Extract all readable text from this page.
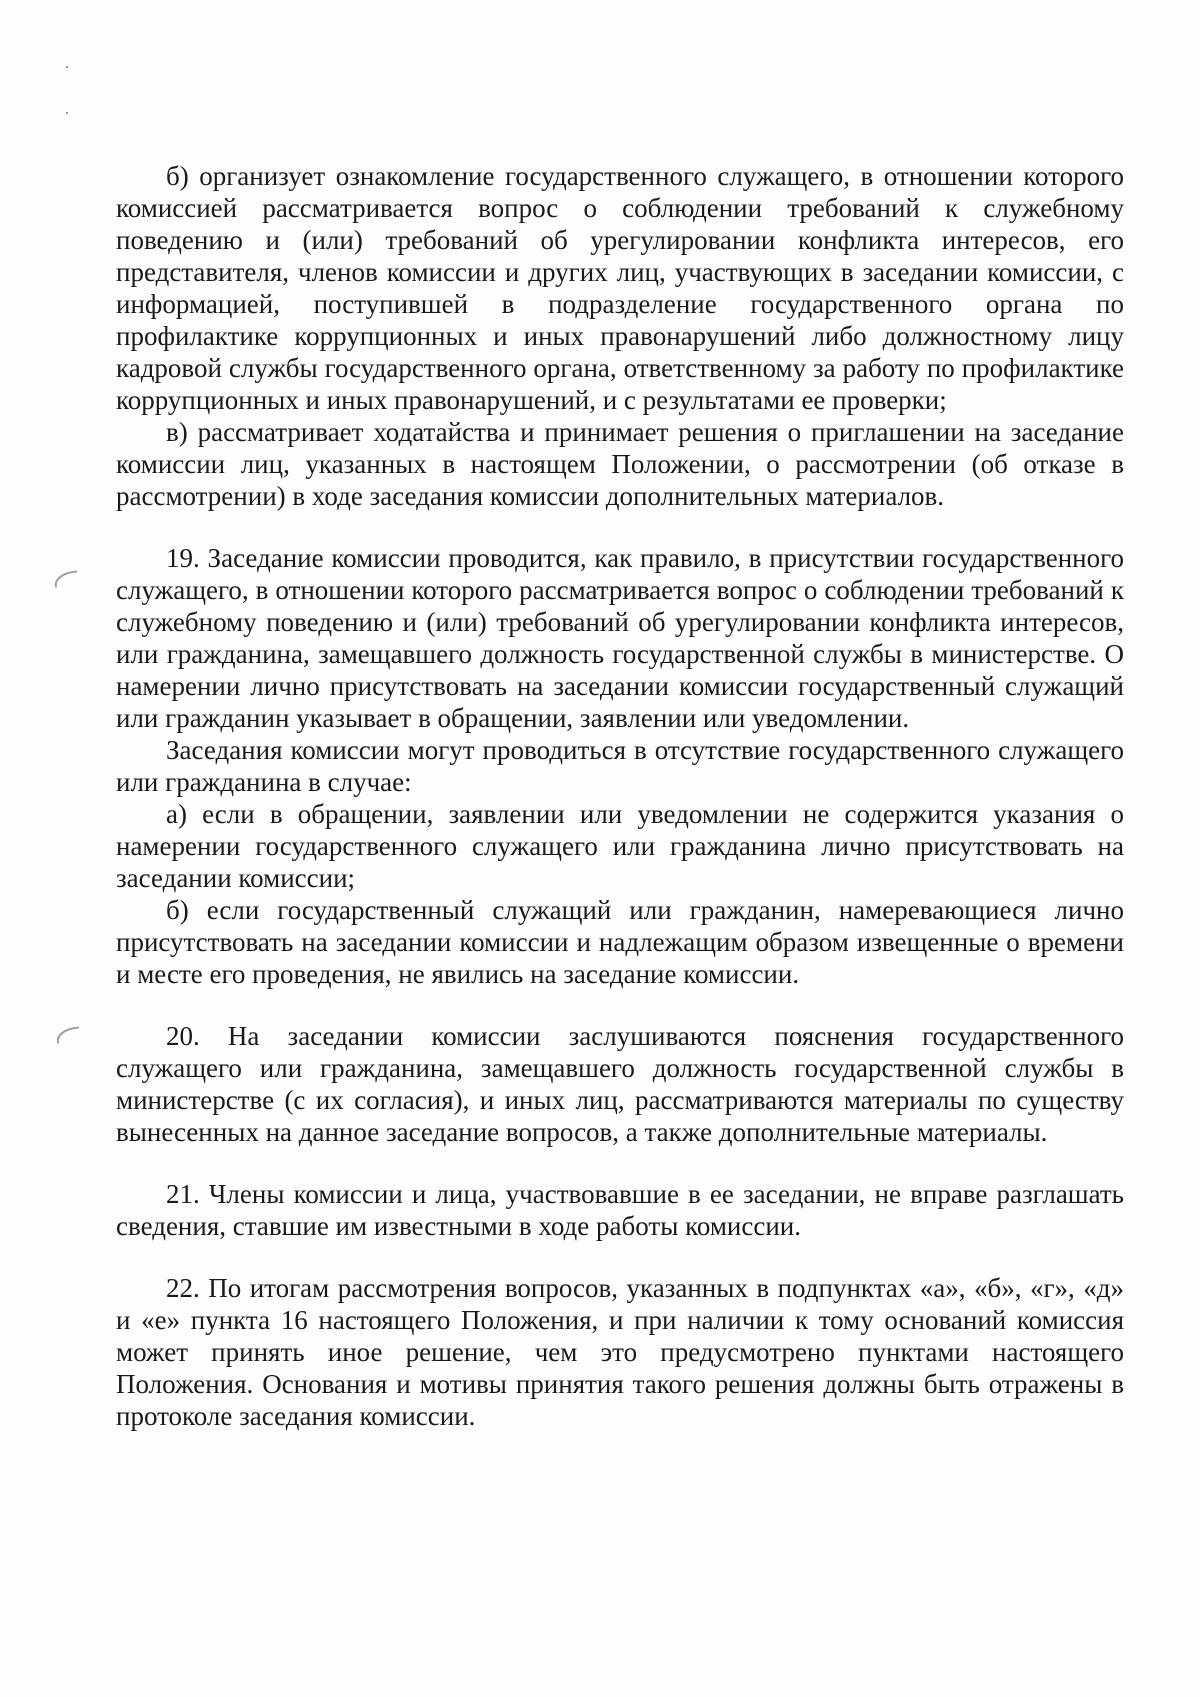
б) организует ознакомление государственного служащего, в отношении которого комиссией рассматривается вопрос о соблюдении требований к служебному поведению и (или) требований об урегулировании конфликта интересов, его представителя, членов комиссии и других лиц, участвующих в заседании комиссии, с информацией, поступившей в подразделение государственного органа по профилактике коррупционных и иных правонарушений либо должностному лицу кадровой службы государственного органа, ответственному за работу по профилактике коррупционных и иных правонарушений, и с результатами ее проверки;

в) рассматривает ходатайства и принимает решения о приглашении на заседание комиссии лиц, указанных в настоящем Положении, о рассмотрении (об отказе в рассмотрении) в ходе заседания комиссии дополнительных материалов.

19. Заседание комиссии проводится, как правило, в присутствии государственного служащего, в отношении которого рассматривается вопрос о соблюдении требований к служебному поведению и (или) требований об урегулировании конфликта интересов, или гражданина, замещавшего должность государственной службы в министерстве. О намерении лично присутствовать на заседании комиссии государственный служащий или гражданин указывает в обращении, заявлении или уведомлении.

Заседания комиссии могут проводиться в отсутствие государственного служащего или гражданина в случае:

а) если в обращении, заявлении или уведомлении не содержится указания о намерении государственного служащего или гражданина лично присутствовать на заседании комиссии;

б) если государственный служащий или гражданин, намеревающиеся лично присутствовать на заседании комиссии и надлежащим образом извещенные о времени и месте его проведения, не явились на заседание комиссии.

20. На заседании комиссии заслушиваются пояснения государственного служащего или гражданина, замещавшего должность государственной службы в министерстве (с их согласия), и иных лиц, рассматриваются материалы по существу вынесенных на данное заседание вопросов, а также дополнительные материалы.

21. Члены комиссии и лица, участвовавшие в ее заседании, не вправе разглашать сведения, ставшие им известными в ходе работы комиссии.

22. По итогам рассмотрения вопросов, указанных в подпунктах «а», «б», «г», «д» и «е» пункта 16 настоящего Положения, и при наличии к тому оснований комиссия может принять иное решение, чем это предусмотрено пунктами настоящего Положения. Основания и мотивы принятия такого решения должны быть отражены в протоколе заседания комиссии.
